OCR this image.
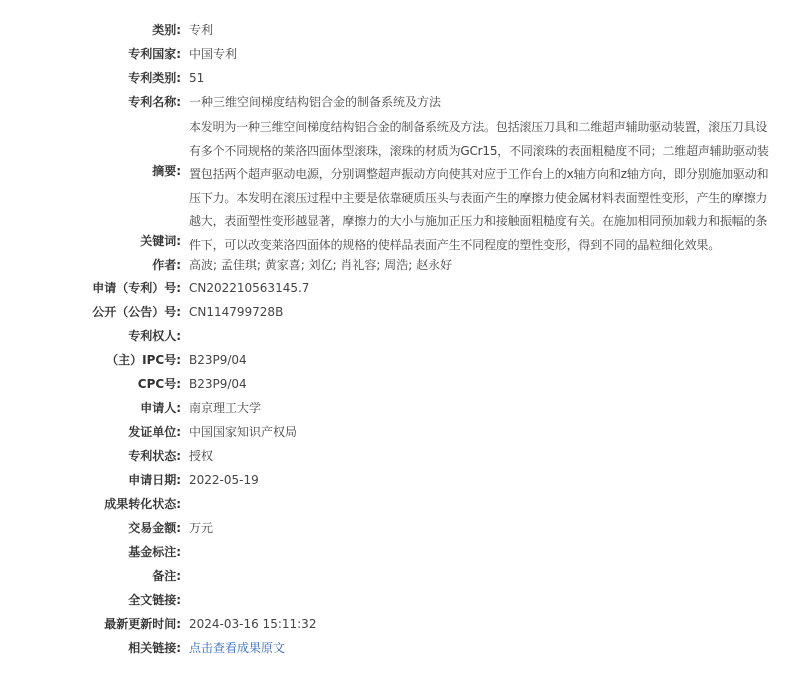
类别: 专利
专利国家: 中国专利
专利类别: 51
专利名称: 一种三维空间梯度结构铝合金的制备系统及方法
摘要:
本发明为一种三维空间梯度结构铝合金的制备系统及方法。包括滚压刀具和二维超声辅助驱动装置，滚压刀具设有多个不同规格的莱洛四面体型滚珠，滚珠的材质为GCr15，不同滚珠的表面粗糙度不同；二维超声辅助驱动装置包括两个超声驱动电源，分别调整超声振动方向使其对应于工作台上的x轴方向和z轴方向，即分别施加驱动和压下力。本发明在滚压过程中主要是依靠硬质压头与表面产生的摩擦力使金属材料表面塑性变形，产生的摩擦力越大，表面塑性变形越显著，摩擦力的大小与施加正压力和接触面粗糙度有关。在施加相同预加载力和振幅的条件下，可以改变莱洛四面体的规格的使样品表面产生不同程度的塑性变形，得到不同的晶粒细化效果。
关键词:
作者: 高波; 孟佳琪; 黄家喜; 刘亿; 肖礼容; 周浩; 赵永好
申请（专利）号: CN202210563145.7
公开（公告）号: CN114799728B
专利权人:
（主）IPC号: B23P9/04
CPC号: B23P9/04
申请人: 南京理工大学
发证单位: 中国国家知识产权局
专利状态: 授权
申请日期: 2022-05-19
成果转化状态:
交易金额: 万元
基金标注:
备注:
全文链接:
最新更新时间: 2024-03-16 15:11:32
相关链接: 点击查看成果原文
